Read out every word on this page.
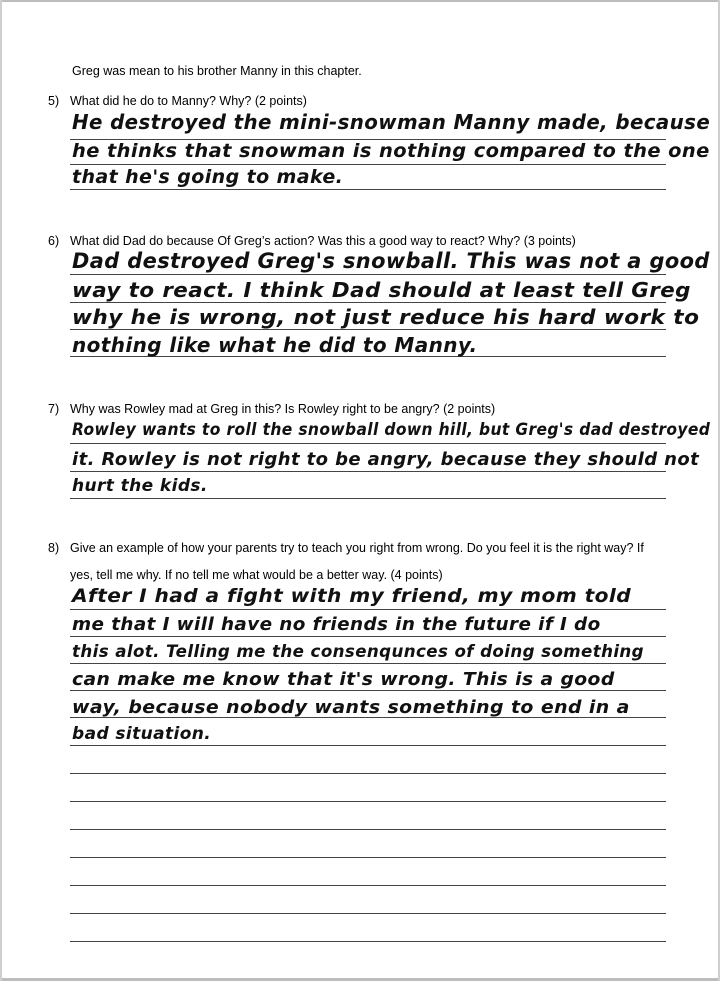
Greg was mean to his brother Manny in this chapter.
5) What did he do to Manny? Why? (2 points)
He destroyed the mini-snowman Manny made, because
he thinks that snowman is nothing compared to the one
that he's going to make.
6) What did Dad do because Of Greg’s action? Was this a good way to react? Why? (3 points)
Dad destroyed Greg's snowball. This was not a good
way to react. I think Dad should at least tell Greg
why he is wrong, not just reduce his hard work to
nothing like what he did to Manny.
7) Why was Rowley mad at Greg in this? Is Rowley right to be angry? (2 points)
Rowley wants to roll the snowball down hill, but Greg's dad destroyed
it. Rowley is not right to be angry, because they should not
hurt the kids.
8) Give an example of how your parents try to teach you right from wrong. Do you feel it is the right way? If
yes, tell me why. If no tell me what would be a better way. (4 points)
After I had a fight with my friend, my mom told
me that I will have no friends in the future if I do
this alot. Telling me the consenqunces of doing something
can make me know that it's wrong. This is a good
way, because nobody wants something to end in a
bad situation.
